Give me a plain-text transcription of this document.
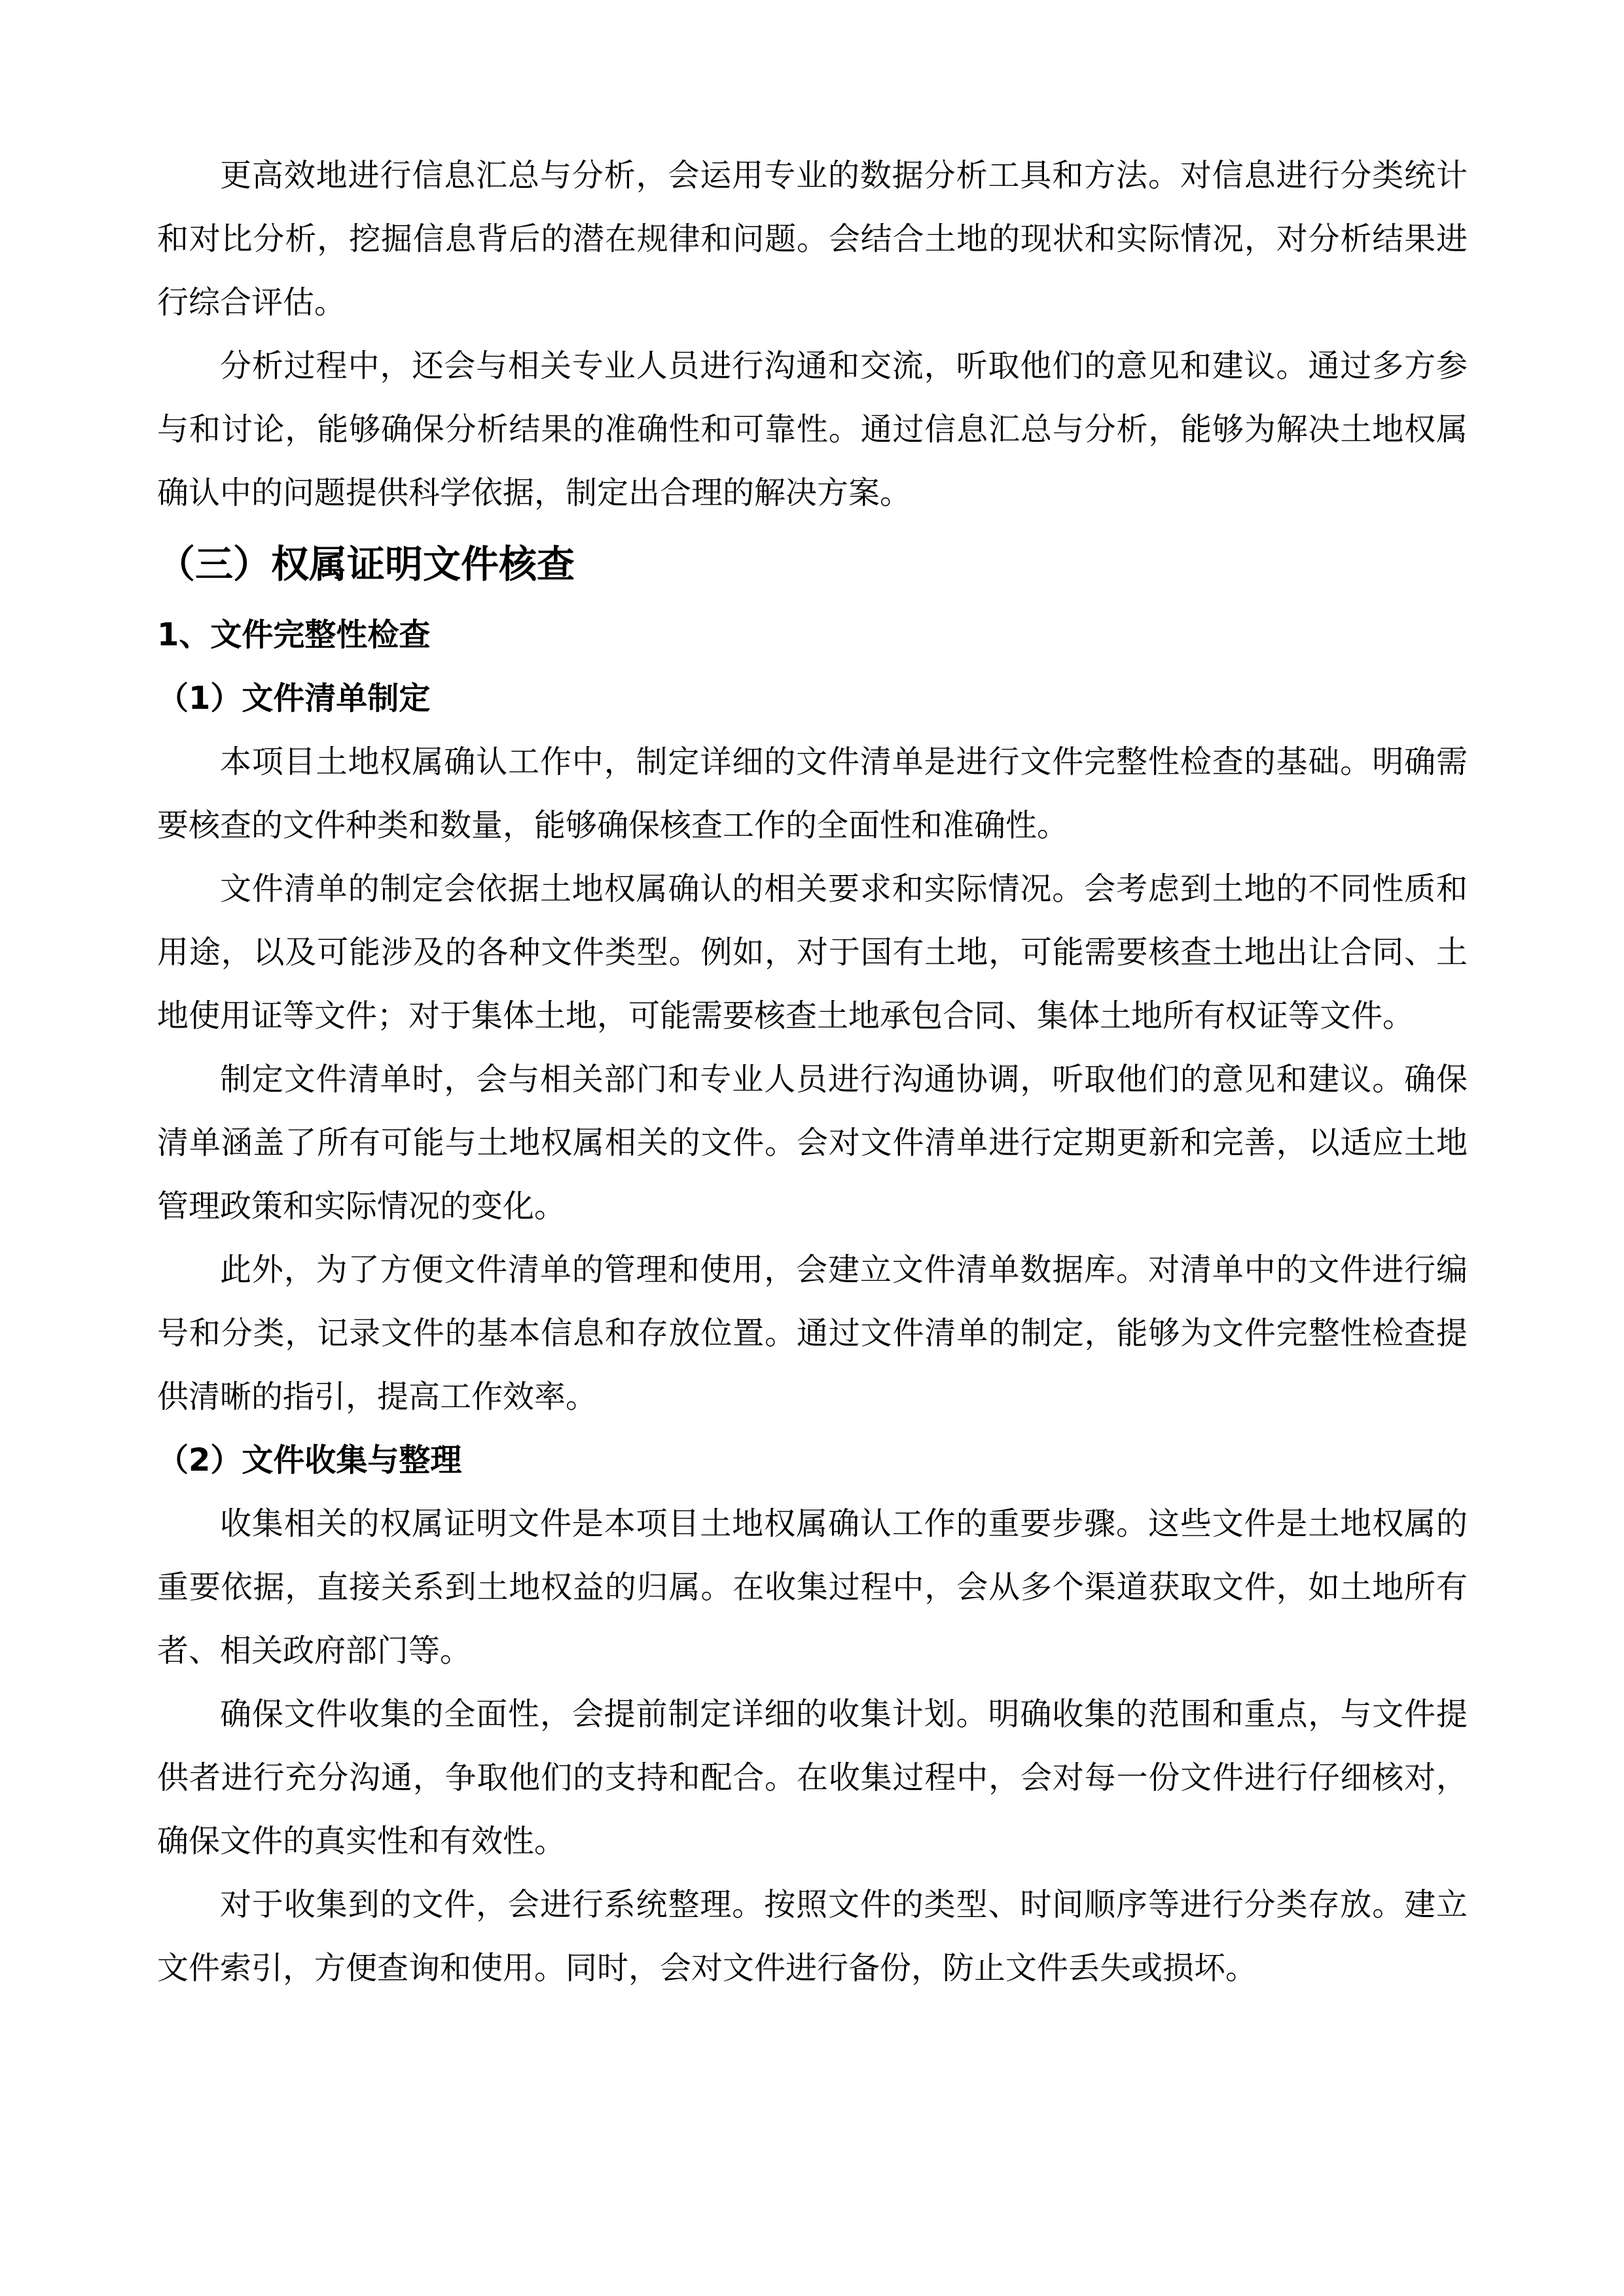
更高效地进行信息汇总与分析，会运用专业的数据分析工具和方法。对信息进行分类统计和对比分析，挖掘信息背后的潜在规律和问题。会结合土地的现状和实际情况，对分析结果进行综合评估。

分析过程中，还会与相关专业人员进行沟通和交流，听取他们的意见和建议。通过多方参与和讨论，能够确保分析结果的准确性和可靠性。通过信息汇总与分析，能够为解决土地权属确认中的问题提供科学依据，制定出合理的解决方案。

（三）权属证明文件核查
1、文件完整性检查
（1）文件清单制定

本项目土地权属确认工作中，制定详细的文件清单是进行文件完整性检查的基础。明确需要核查的文件种类和数量，能够确保核查工作的全面性和准确性。

文件清单的制定会依据土地权属确认的相关要求和实际情况。会考虑到土地的不同性质和用途，以及可能涉及的各种文件类型。例如，对于国有土地，可能需要核查土地出让合同、土地使用证等文件；对于集体土地，可能需要核查土地承包合同、集体土地所有权证等文件。

制定文件清单时，会与相关部门和专业人员进行沟通协调，听取他们的意见和建议。确保清单涵盖了所有可能与土地权属相关的文件。会对文件清单进行定期更新和完善，以适应土地管理政策和实际情况的变化。

此外，为了方便文件清单的管理和使用，会建立文件清单数据库。对清单中的文件进行编号和分类，记录文件的基本信息和存放位置。通过文件清单的制定，能够为文件完整性检查提供清晰的指引，提高工作效率。

（2）文件收集与整理

收集相关的权属证明文件是本项目土地权属确认工作的重要步骤。这些文件是土地权属的重要依据，直接关系到土地权益的归属。在收集过程中，会从多个渠道获取文件，如土地所有者、相关政府部门等。

确保文件收集的全面性，会提前制定详细的收集计划。明确收集的范围和重点，与文件提供者进行充分沟通，争取他们的支持和配合。在收集过程中，会对每一份文件进行仔细核对，确保文件的真实性和有效性。

对于收集到的文件，会进行系统整理。按照文件的类型、时间顺序等进行分类存放。建立文件索引，方便查询和使用。同时，会对文件进行备份，防止文件丢失或损坏。
